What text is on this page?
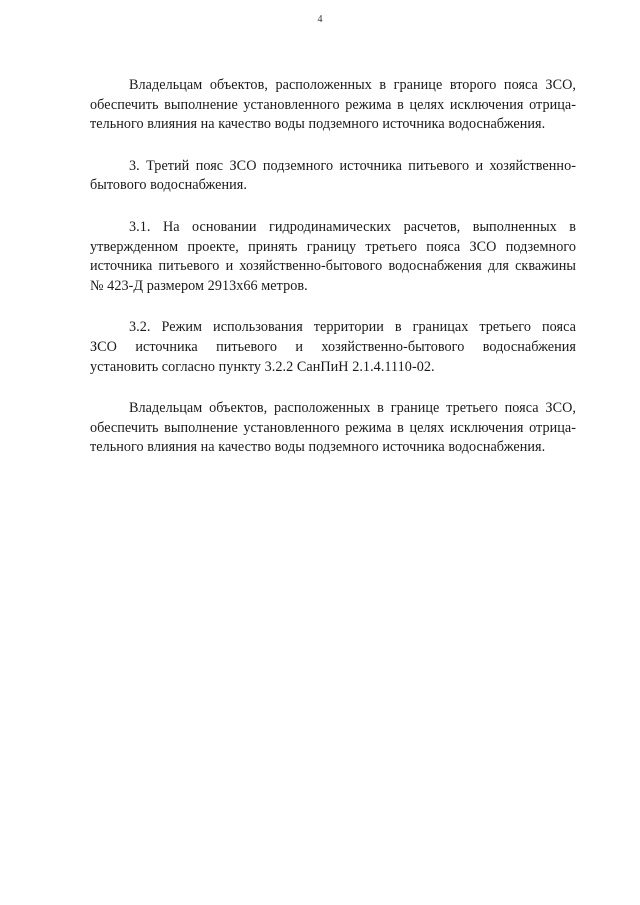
4

Владельцам объектов, расположенных в границе второго пояса ЗСО,
обеспечить выполнение установленного режима в целях исключения отрица-
тельного влияния на качество воды подземного источника водоснабжения.

3. Третий пояс ЗСО подземного источника питьевого и хозяйственно-
бытового водоснабжения.

3.1. На основании гидродинамических расчетов, выполненных в
утвержденном проекте, принять границу третьего пояса ЗСО подземного
источника питьевого и хозяйственно-бытового водоснабжения для скважины
№ 423-Д размером 2913х66 метров.

3.2. Режим использования территории в границах третьего пояса
ЗСО источника питьевого и хозяйственно-бытового водоснабжения
установить согласно пункту 3.2.2 СанПиН 2.1.4.1110-02.

Владельцам объектов, расположенных в границе третьего пояса ЗСО,
обеспечить выполнение установленного режима в целях исключения отрица-
тельного влияния на качество воды подземного источника водоснабжения.
